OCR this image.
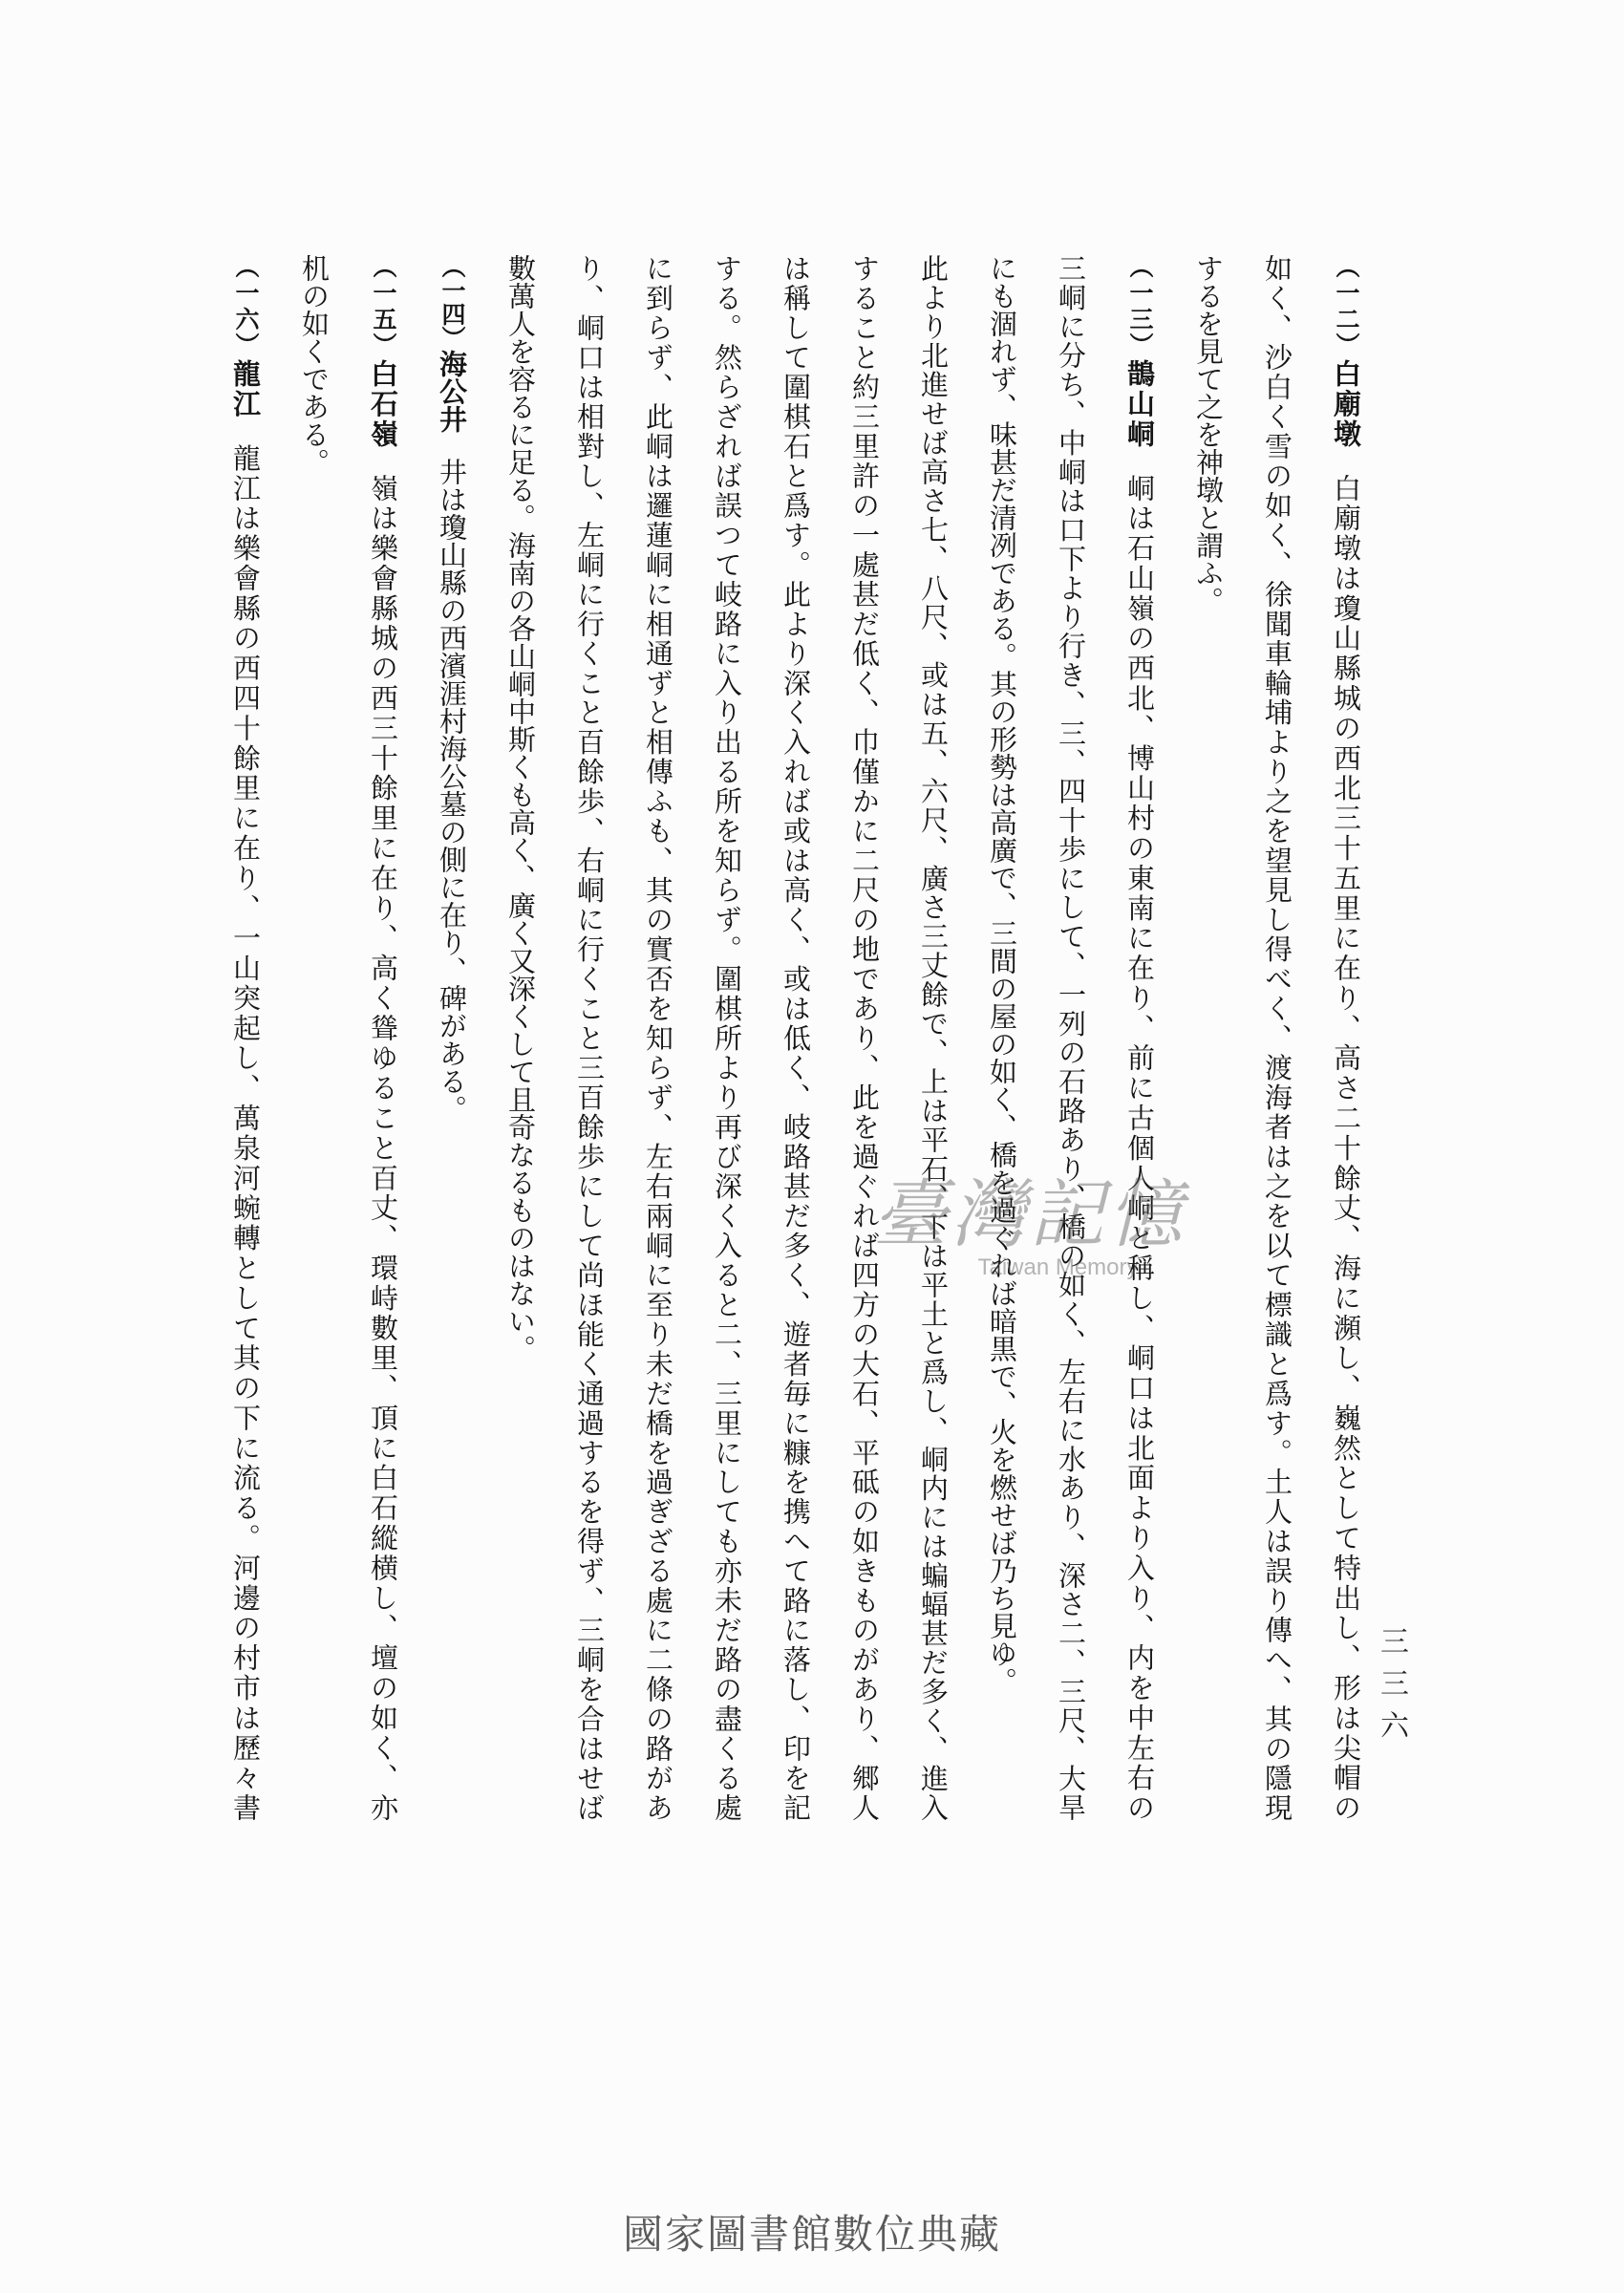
三三六
（一二）白廟墩白廟墩は瓊山縣城の西北三十五里に在り、高さ二十餘丈、海に瀕し、巍然として特出し、形は尖帽の
如く、沙白く雪の如く、徐聞車輪埔より之を望見し得べく、渡海者は之を以て標識と爲す。土人は誤り傳へ、其の隱現
するを見て之を神墩と謂ふ。
（一三）鵲山峒峒は石山嶺の西北、博山村の東南に在り、前に古個人峒と稱し、峒口は北面より入り、内を中左右の
三峒に分ち、中峒は口下より行き、三、四十歩にして、一列の石路あり、橋の如く、左右に水あり、深さ二、三尺、大旱
にも涸れず、味甚だ清冽である。其の形勢は高廣で、三間の屋の如く、橋を過ぐれば暗黒で、火を燃せば乃ち見ゆ。
此より北進せば高さ七、八尺、或は五、六尺、廣さ三丈餘で、上は平石、下は平土と爲し、峒内には蝙蝠甚だ多く、進入
すること約三里許の一處甚だ低く、巾僅かに二尺の地であり、此を過ぐれば四方の大石、平砥の如きものがあり、郷人
は稱して圍棋石と爲す。此より深く入れば或は高く、或は低く、岐路甚だ多く、遊者毎に糠を携へて路に落し、印を記
する。然らざれば誤つて岐路に入り出る所を知らず。圍棋所より再び深く入ると二、三里にしても亦未だ路の盡くる處
に到らず、此峒は邏蓮峒に相通ずと相傳ふも、其の實否を知らず、左右兩峒に至り未だ橋を過ぎざる處に二條の路があ
り、峒口は相對し、左峒に行くこと百餘歩、右峒に行くこと三百餘歩にして尚ほ能く通過するを得ず、三峒を合はせば
數萬人を容るに足る。海南の各山峒中斯くも高く、廣く又深くして且奇なるものはない。
（一四）海公井井は瓊山縣の西濱涯村海公墓の側に在り、碑がある。
（一五）白石嶺嶺は樂會縣城の西三十餘里に在り、高く聳ゆること百丈、環峙數里、頂に白石縱横し、壇の如く、亦
机の如くである。
（一六）龍江龍江は樂會縣の西四十餘里に在り、一山突起し、萬泉河蜿轉として其の下に流る。河邊の村市は歷々書	臺灣記憶
Taiwan Memory
國家圖書館數位典藏
